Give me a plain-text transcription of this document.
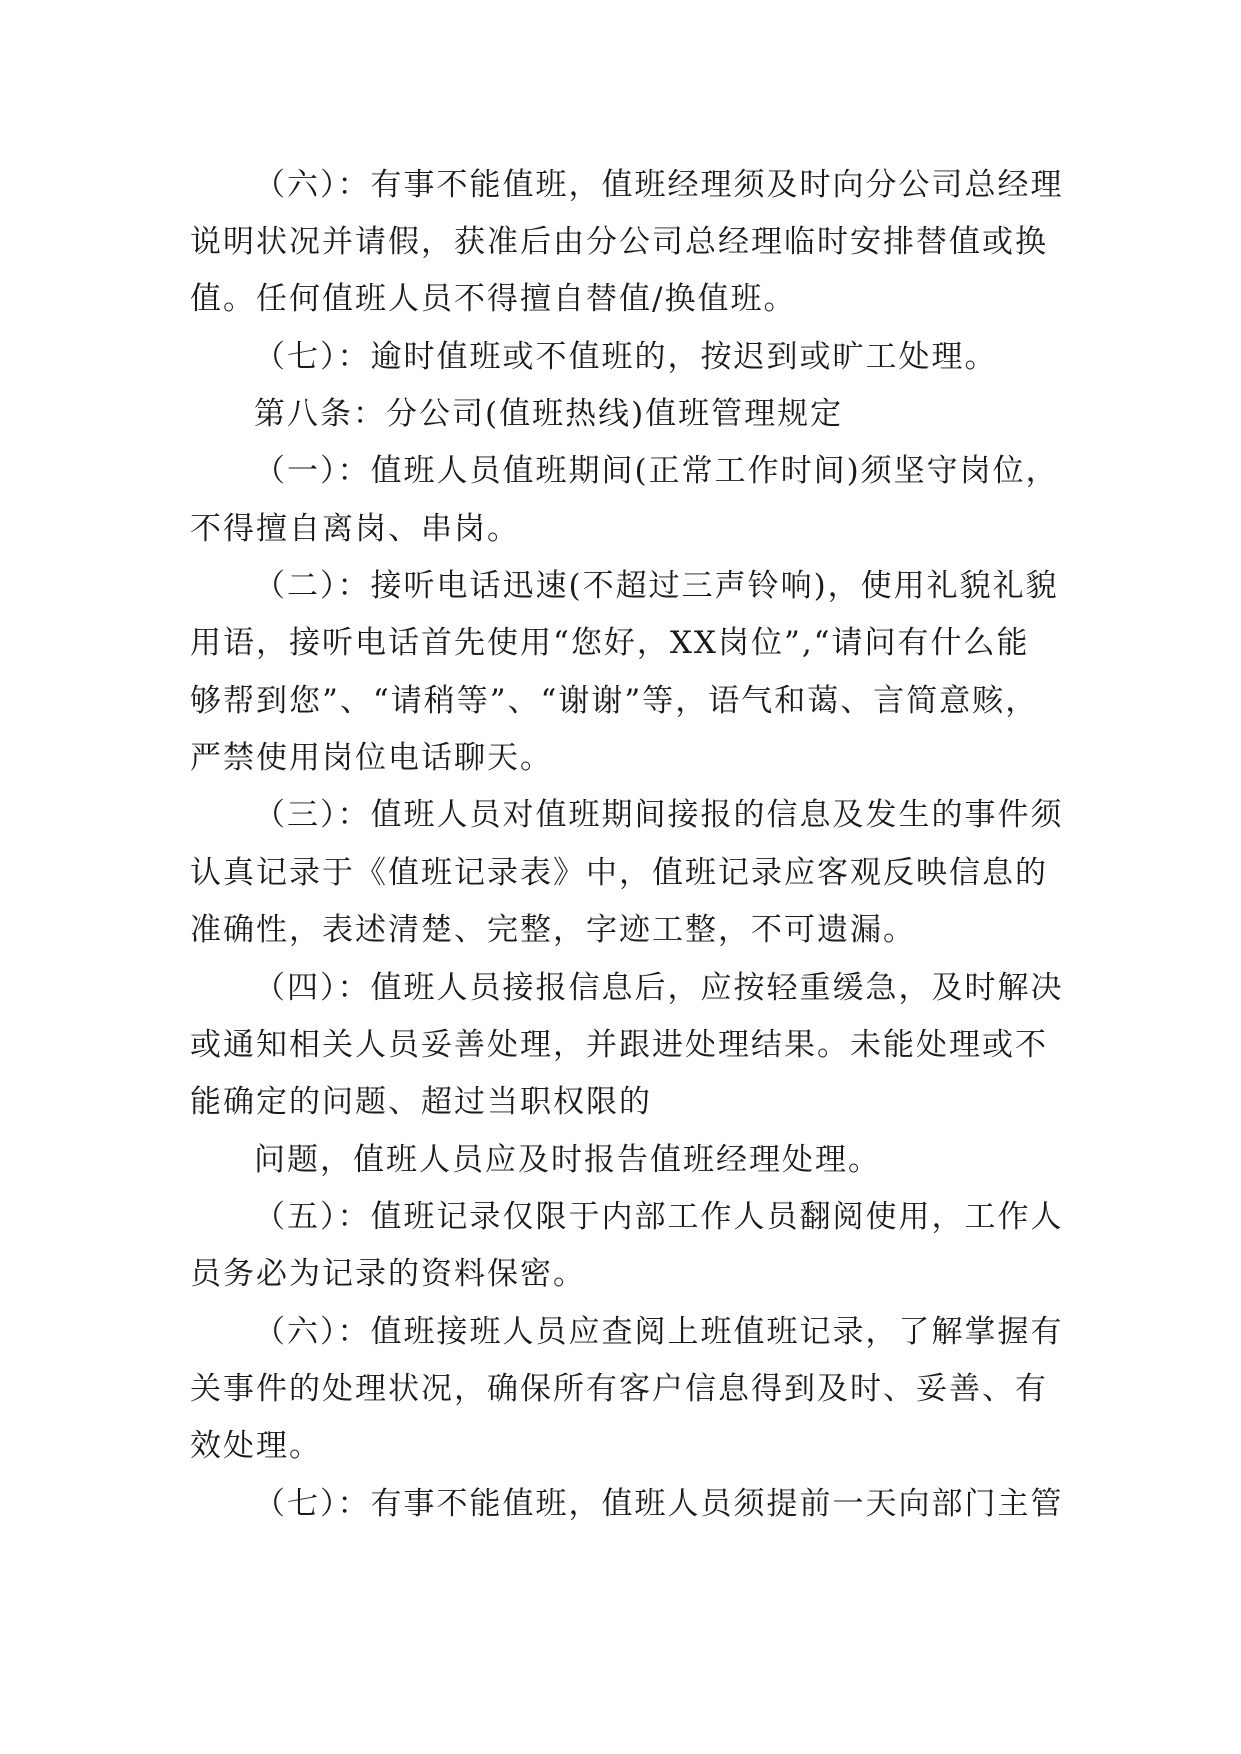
（六）：有事不能值班，值班经理须及时向分公司总经理
说明状况并请假，获准后由分公司总经理临时安排替值或换
值。任何值班人员不得擅自替值/换值班。
（七）：逾时值班或不值班的，按迟到或旷工处理。
第八条：分公司(值班热线)值班管理规定
（一）：值班人员值班期间(正常工作时间)须坚守岗位，
不得擅自离岗、串岗。
（二）：接听电话迅速(不超过三声铃响)，使用礼貌礼貌
用语，接听电话首先使用“您好，XX岗位”,“请问有什么能
够帮到您”、“请稍等”、“谢谢”等，语气和蔼、言简意赅，
严禁使用岗位电话聊天。
（三）：值班人员对值班期间接报的信息及发生的事件须
认真记录于《值班记录表》中，值班记录应客观反映信息的
准确性，表述清楚、完整，字迹工整，不可遗漏。
（四）：值班人员接报信息后，应按轻重缓急，及时解决
或通知相关人员妥善处理，并跟进处理结果。未能处理或不
能确定的问题、超过当职权限的
问题，值班人员应及时报告值班经理处理。
（五）：值班记录仅限于内部工作人员翻阅使用，工作人
员务必为记录的资料保密。
（六）：值班接班人员应查阅上班值班记录，了解掌握有
关事件的处理状况，确保所有客户信息得到及时、妥善、有
效处理。
（七）：有事不能值班，值班人员须提前一天向部门主管
